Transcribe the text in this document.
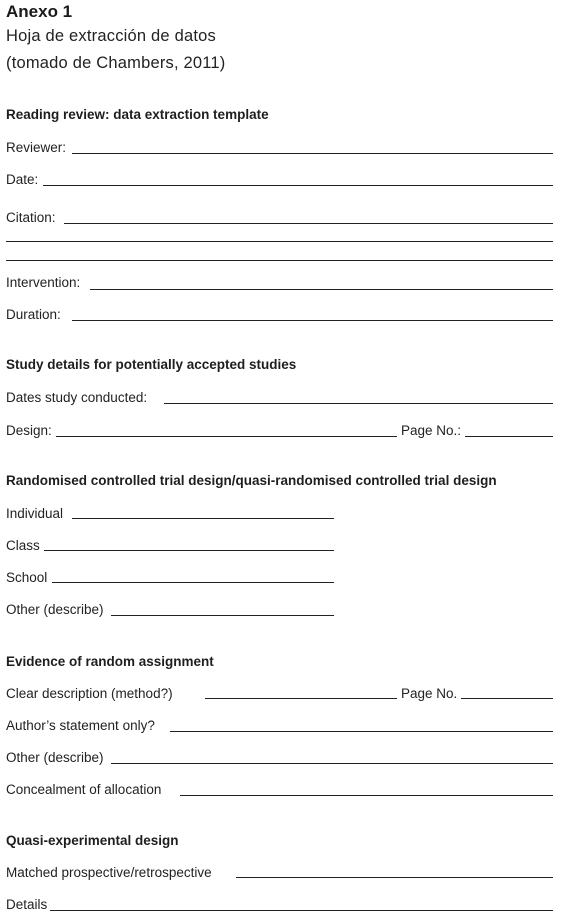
Anexo 1
Hoja de extracción de datos
(tomado de Chambers, 2011)
Reading review: data extraction template
Reviewer:
Date:
Citation:
Intervention:
Duration:
Study details for potentially accepted studies
Dates study conducted:
Design:	Page No.:
Randomised controlled trial design/quasi-randomised controlled trial design
Individual
Class
School
Other (describe)
Evidence of random assignment
Clear description (method?)	Page No.
Author’s statement only?
Other (describe)
Concealment of allocation
Quasi-experimental design
Matched prospective/retrospective
Details
